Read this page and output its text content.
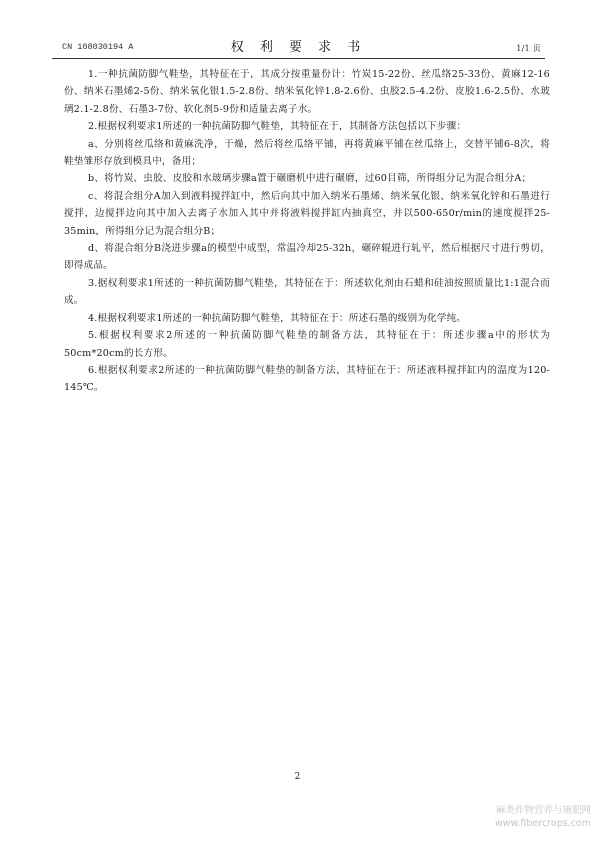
CN 108030194 A	权 利 要 求 书	1/1 页

1.一种抗菌防脚气鞋垫，其特征在于，其成分按重量份计：竹炭15-22份、丝瓜络25-33份、黄麻12-16份、纳米石墨烯2-5份、纳米氧化银1.5-2.8份、纳米氧化锌1.8-2.6份、虫胶2.5-4.2份、皮胶1.6-2.5份、水玻璃2.1-2.8份、石墨3-7份、软化剂5-9份和适量去离子水。

2.根据权利要求1所述的一种抗菌防脚气鞋垫，其特征在于，其制备方法包括以下步骤：

a、分别将丝瓜络和黄麻洗净，干燥，然后将丝瓜络平铺，再将黄麻平铺在丝瓜络上，交替平铺6-8次，将鞋垫雏形存放到模具中，备用；

b、将竹炭、虫胶、皮胶和水玻璃步骤a置于碾磨机中进行碾磨，过60目筛，所得组分记为混合组分A；

c、将混合组分A加入到液料搅拌缸中，然后向其中加入纳米石墨烯、纳米氧化银、纳米氧化锌和石墨进行搅拌，边搅拌边向其中加入去离子水加入其中并将液料搅拌缸内抽真空，并以500-650r/min的速度搅拌25-35min，所得组分记为混合组分B；

d、将混合组分B浇进步骤a的模型中成型，常温冷却25-32h，碾碎辊进行轧平，然后根据尺寸进行剪切，即得成品。

3.据权利要求1所述的一种抗菌防脚气鞋垫，其特征在于：所述软化剂由石蜡和硅油按照质量比1:1混合而成。

4.根据权利要求1所述的一种抗菌防脚气鞋垫，其特征在于：所述石墨的级别为化学纯。

5.根据权利要求2所述的一种抗菌防脚气鞋垫的制备方法，其特征在于：所述步骤a中的形状为50cm*20cm的长方形。

6.根据权利要求2所述的一种抗菌防脚气鞋垫的制备方法，其特征在于：所述液料搅拌缸内的温度为120-145℃。

2
麻类作物营养与施肥网
www.fibercrops.com
